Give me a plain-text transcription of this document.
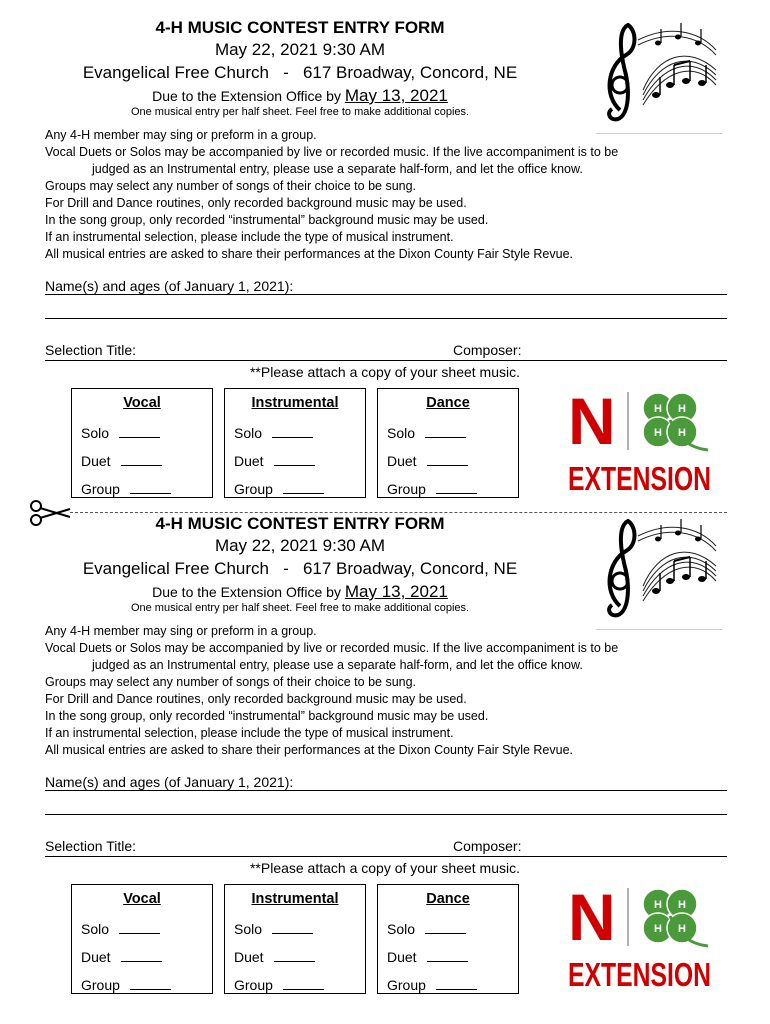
4-H MUSIC CONTEST ENTRY FORM
May 22, 2021 9:30 AM
Evangelical Free Church   -   617 Broadway, Concord, NE
Due to the Extension Office by May 13, 2021
One musical entry per half sheet. Feel free to make additional copies.
Any 4-H member may sing or preform in a group.
Vocal Duets or Solos may be accompanied by live or recorded music. If the live accompaniment is to be
judged as an Instrumental entry, please use a separate half-form, and let the office know.
Groups may select any number of songs of their choice to be sung.
For Drill and Dance routines, only recorded background music may be used.
In the song group, only recorded “instrumental” background music may be used.
If an instrumental selection, please include the type of musical instrument.
All musical entries are asked to share their performances at the Dixon County Fair Style Revue.
Name(s) and ages (of January 1, 2021):
Selection Title:	Composer:
**Please attach a copy of your sheet music.
Vocal
Solo
Duet
Group
Instrumental
Solo
Duet
Group
Dance
Solo
Duet
Group
N	H H
H H
EXTENSION
4-H MUSIC CONTEST ENTRY FORM
May 22, 2021 9:30 AM
Evangelical Free Church   -   617 Broadway, Concord, NE
Due to the Extension Office by May 13, 2021
One musical entry per half sheet. Feel free to make additional copies.
Any 4-H member may sing or preform in a group.
Vocal Duets or Solos may be accompanied by live or recorded music. If the live accompaniment is to be
judged as an Instrumental entry, please use a separate half-form, and let the office know.
Groups may select any number of songs of their choice to be sung.
For Drill and Dance routines, only recorded background music may be used.
In the song group, only recorded “instrumental” background music may be used.
If an instrumental selection, please include the type of musical instrument.
All musical entries are asked to share their performances at the Dixon County Fair Style Revue.
Name(s) and ages (of January 1, 2021):
Selection Title:	Composer:
**Please attach a copy of your sheet music.
Vocal
Solo
Duet
Group
Instrumental
Solo
Duet
Group
Dance
Solo
Duet
Group
N	H H
H H
EXTENSION
